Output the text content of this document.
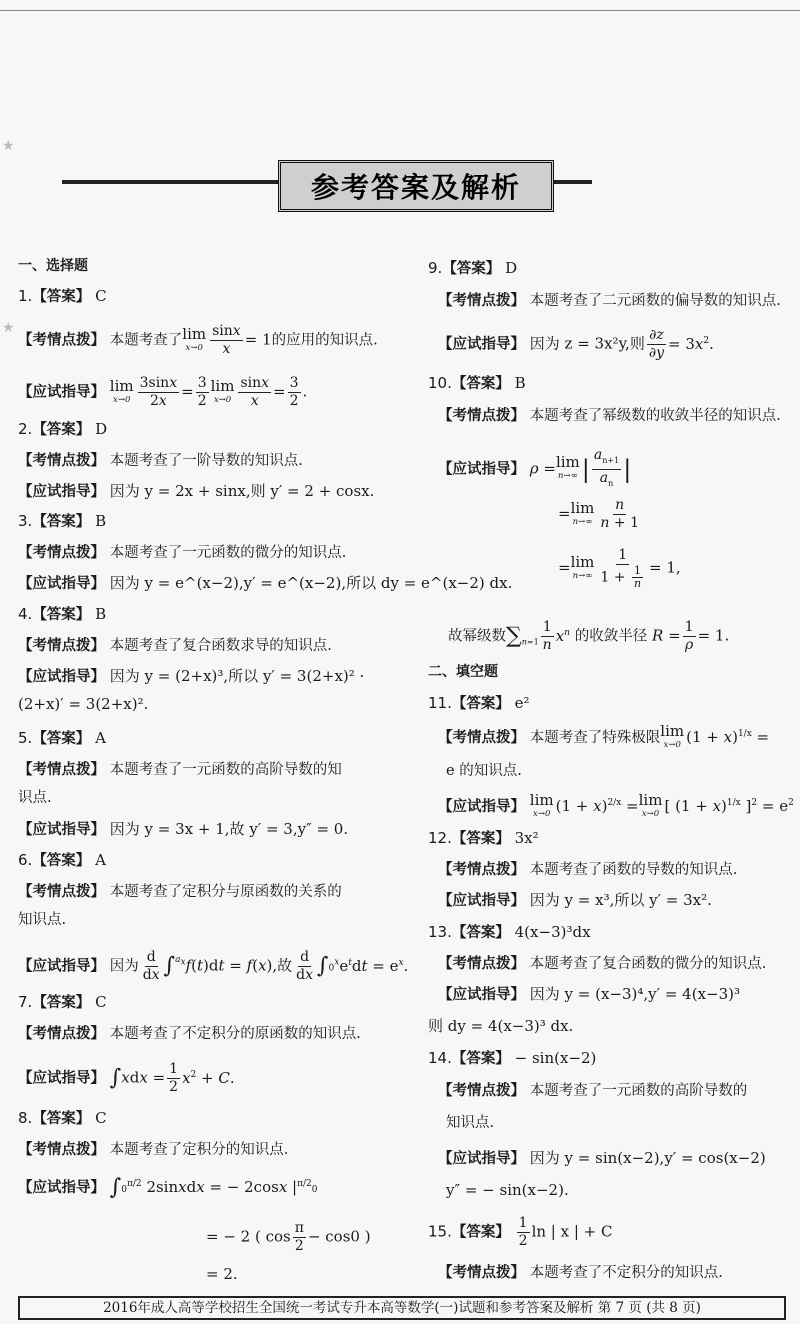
★
★
参考答案及解析
一、选择题
1.【答案】 C
【考情点拨】 本题考查了 lim
$x\to 0 \frac{\sin x}{x} = 1$的应用的知识点.
【应试指导】 lim
$x\to 0 \frac{3\sin x}{2x} = \frac{3}{2}$ lim
$x\to 0 \frac{\sin x}{x} = \frac{3}{2}$ .
2.【答案】 D
【考情点拨】 本题考查了一阶导数的知识点.
【应试指导】 因为 y = 2x + sinx,则 y′ = 2 + cosx.
3.【答案】 B
【考情点拨】 本题考查了一元函数的微分的知识点.
【应试指导】 因为 y = e^(x−2),y′ = e^(x−2),所以 dy = e^(x−2) dx.
4.【答案】 B
【考情点拨】 本题考查了复合函数求导的知识点.
【应试指导】 因为 y = (2+x)³,所以 y′ = 3(2+x)² ·
(2+x)′ = 3(2+x)².
5.【答案】 A
【考情点拨】 本题考查了一元函数的高阶导数的知
识点.
【应试指导】 因为 y = 3x + 1,故 y′ = 3,y″ = 0.
6.【答案】 A
【考情点拨】 本题考查了定积分与原函数的关系的
知识点.
【应试指导】 因为 $\frac{d}{dx} \int^{ax}f(t)dt = f(x)$,故 $\frac{d}{dx} \int 0^xe^tdt = e^x$.
7.【答案】 C
【考情点拨】 本题考查了不定积分的原函数的知识点.
【应试指导】 $\int xdx = \frac{1}{2} x^2 + C$.
8.【答案】 C
【考情点拨】 本题考查了定积分的知识点.
【应试指导】 $\int 0^{\pi/2}$ 2sinxdx = − 2cosx $|^{\pi/2}0$
= − 2 ( $\cos \frac{\pi}{2} - \cos 0$ )
= 2.
9.【答案】 D
【考情点拨】 本题考查了二元函数的偏导数的知识点.
【应试指导】 因为 z = 3x²y,则 $\frac{\partial z}{\partial y} = 3x^2$.
10.【答案】 B
【考情点拨】 本题考查了幂级数的收敛半径的知识点.
【应试指导】 ρ = lim
n→∞ | $\frac{a_{n+1}}{a_n}$ |
= lim
$n\to\infty \frac{n}{n + 1}$
= lim
$n\to\infty \frac{1}{1 + \frac{1}{n}} = 1$,
故幂级数$\sum_{n=1} \frac{1}{n} x^n$ 的收敛半径 $R = \frac{1}{\rho} = 1$.
二、填空题
11.【答案】 e²
【考情点拨】 本题考查了特殊极限 lim
x→0 $(1 + x)^{1/x}$ =
e 的知识点.
【应试指导】 lim
x→0 $(1 + x)^{2/x} = \lim$
x→0 [ $(1 + x)^{1/x}$ ]$^2 = e^2$
12.【答案】 3x²
【考情点拨】 本题考查了函数的导数的知识点.
【应试指导】 因为 y = x³,所以 y′ = 3x².
13.【答案】 4(x−3)³dx
【考情点拨】 本题考查了复合函数的微分的知识点.
【应试指导】 因为 y = (x−3)⁴,y′ = 4(x−3)³
则 dy = 4(x−3)³ dx.
14.【答案】 − sin(x−2)
【考情点拨】 本题考查了一元函数的高阶导数的
知识点.
【应试指导】 因为 y = sin(x−2),y′ = cos(x−2)
y″ = − sin(x−2).
15.【答案】 $\frac{1}{2}$ ln | x | + C
【考情点拨】 本题考查了不定积分的知识点.
2016年成人高等学校招生全国统一考试专升本高等数学(一)试题和参考答案及解析 第 7 页 (共 8 页)
